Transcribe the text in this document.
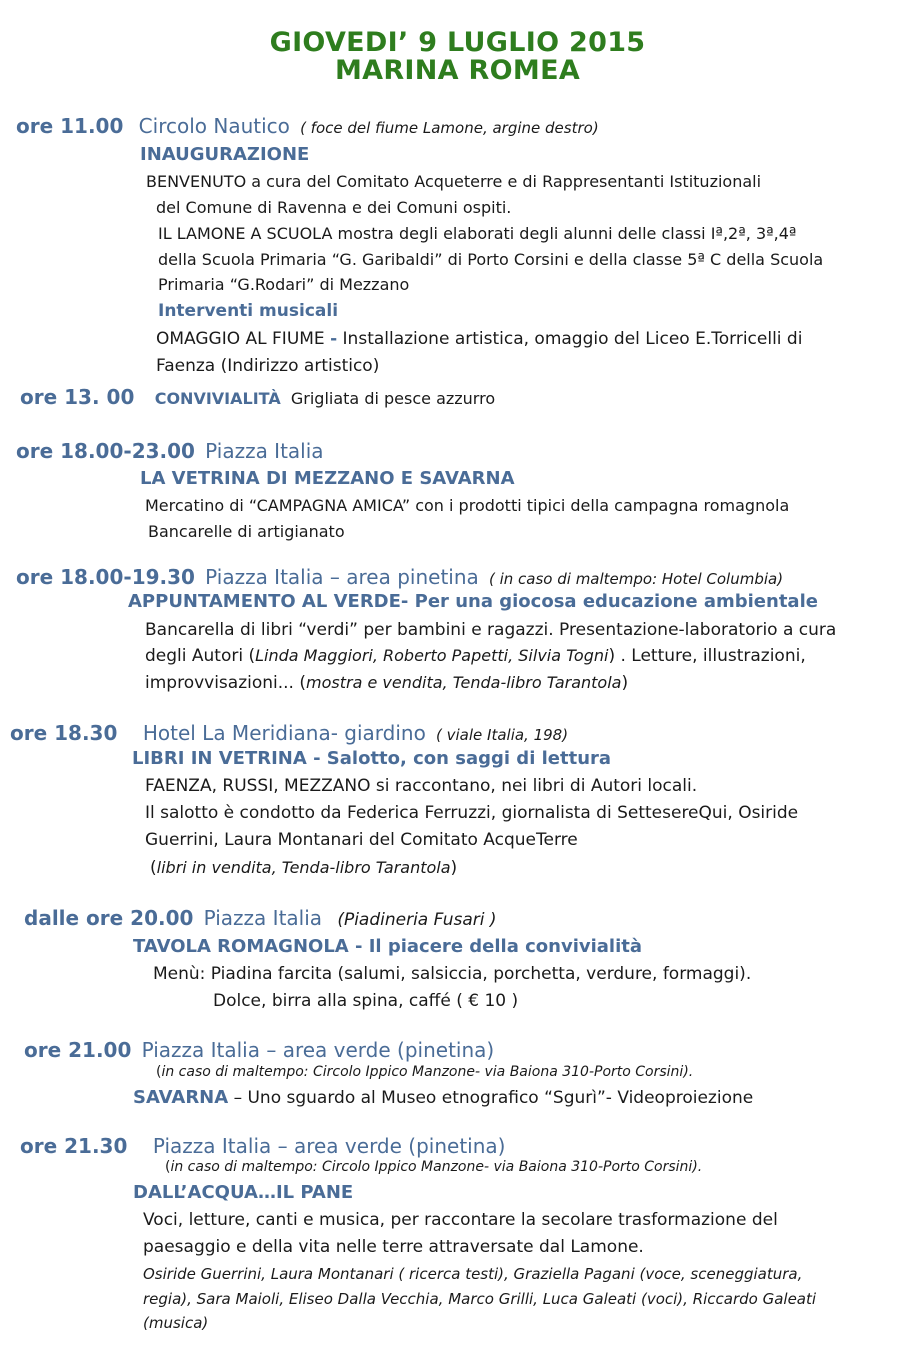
GIOVEDI’ 9 LUGLIO 2015
MARINA ROMEA
ore 11.00 Circolo Nautico ( foce del fiume Lamone, argine destro)
INAUGURAZIONE
BENVENUTO a cura del Comitato Acqueterre e di Rappresentanti Istituzionali
del Comune di Ravenna e dei Comuni ospiti.
IL LAMONE A SCUOLA mostra degli elaborati degli alunni delle classi Iª,2ª, 3ª,4ª
della Scuola Primaria “G. Garibaldi” di Porto Corsini e della classe 5ª C della Scuola
Primaria “G.Rodari” di Mezzano
Interventi musicali
OMAGGIO AL FIUME - Installazione artistica, omaggio del Liceo E.Torricelli di
Faenza (Indirizzo artistico)
ore 13. 00 CONVIVIALITÀ Grigliata di pesce azzurro
ore 18.00-23.00 Piazza Italia
LA VETRINA DI MEZZANO E SAVARNA
Mercatino di “CAMPAGNA AMICA” con i prodotti tipici della campagna romagnola
Bancarelle di artigianato
ore 18.00-19.30 Piazza Italia – area pinetina ( in caso di maltempo: Hotel Columbia)
APPUNTAMENTO AL VERDE- Per una giocosa educazione ambientale
Bancarella di libri “verdi” per bambini e ragazzi. Presentazione-laboratorio a cura
degli Autori (Linda Maggiori, Roberto Papetti, Silvia Togni) . Letture, illustrazioni,
improvvisazioni... (mostra e vendita, Tenda-libro Tarantola)
ore 18.30 Hotel La Meridiana- giardino ( viale Italia, 198)
LIBRI IN VETRINA - Salotto, con saggi di lettura
FAENZA, RUSSI, MEZZANO si raccontano, nei libri di Autori locali.
Il salotto è condotto da Federica Ferruzzi, giornalista di SettesereQui, Osiride
Guerrini, Laura Montanari del Comitato AcqueTerre
(libri in vendita, Tenda-libro Tarantola)
dalle ore 20.00 Piazza Italia (Piadineria Fusari )
TAVOLA ROMAGNOLA - Il piacere della convivialità
Menù: Piadina farcita (salumi, salsiccia, porchetta, verdure, formaggi).
Dolce, birra alla spina, caffé ( € 10 )
ore 21.00 Piazza Italia – area verde (pinetina)
(in caso di maltempo: Circolo Ippico Manzone- via Baiona 310-Porto Corsini).
SAVARNA – Uno sguardo al Museo etnografico “Sgurì”- Videoproiezione
ore 21.30 Piazza Italia – area verde (pinetina)
(in caso di maltempo: Circolo Ippico Manzone- via Baiona 310-Porto Corsini).
DALL’ACQUA…IL PANE
Voci, letture, canti e musica, per raccontare la secolare trasformazione del
paesaggio e della vita nelle terre attraversate dal Lamone.
Osiride Guerrini, Laura Montanari ( ricerca testi), Graziella Pagani (voce, sceneggiatura,
regia), Sara Maioli, Eliseo Dalla Vecchia, Marco Grilli, Luca Galeati (voci), Riccardo Galeati
(musica)
